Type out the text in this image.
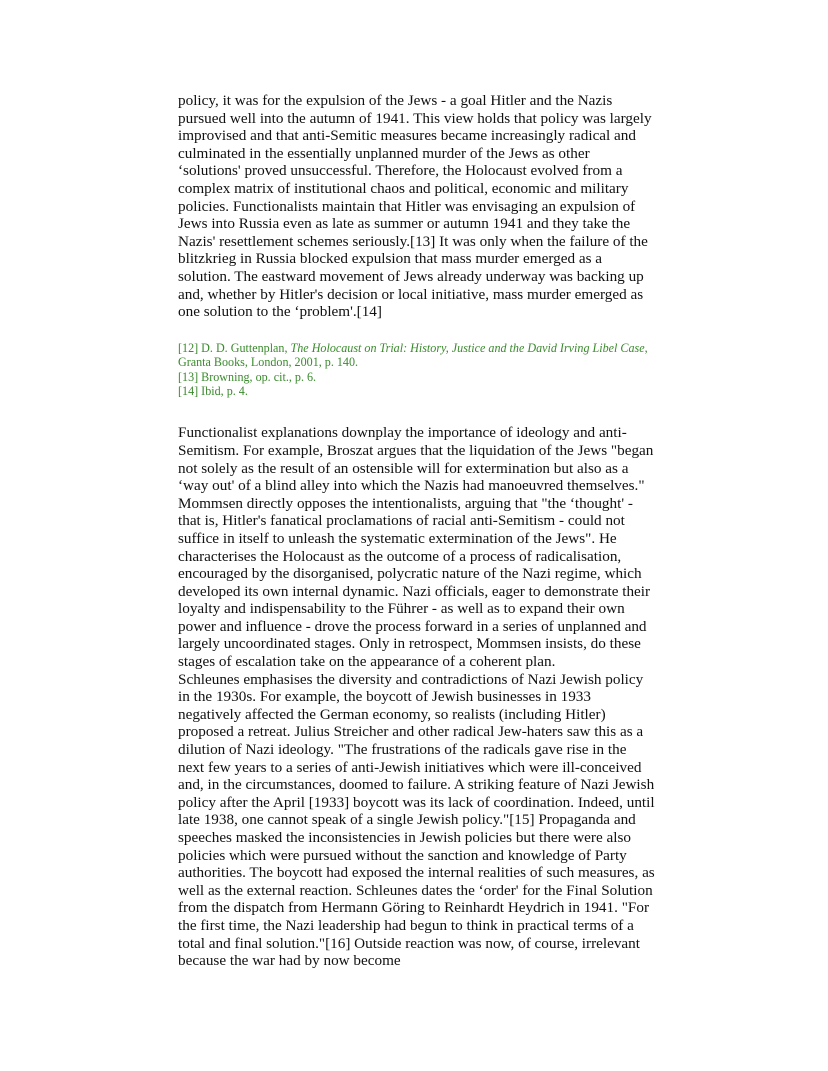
policy, it was for the expulsion of the Jews - a goal Hitler and the Nazis pursued well into the autumn of 1941. This view holds that policy was largely improvised and that anti-Semitic measures became increasingly radical and culminated in the essentially unplanned murder of the Jews as other ‘solutions' proved unsuccessful. Therefore, the Holocaust evolved from a complex matrix of institutional chaos and political, economic and military policies. Functionalists maintain that Hitler was envisaging an expulsion of Jews into Russia even as late as summer or autumn 1941 and they take the Nazis' resettlement schemes seriously.[13] It was only when the failure of the blitzkrieg in Russia blocked expulsion that mass murder emerged as a solution. The eastward movement of Jews already underway was backing up and, whether by Hitler's decision or local initiative, mass murder emerged as one solution to the ‘problem'.[14]

[12] D. D. Guttenplan, The Holocaust on Trial: History, Justice and the David Irving Libel Case, Granta Books, London, 2001, p. 140.

[13] Browning, op. cit., p. 6.

[14] Ibid, p. 4.

Functionalist explanations downplay the importance of ideology and anti-Semitism. For example, Broszat argues that the liquidation of the Jews "began not solely as the result of an ostensible will for extermination but also as a ‘way out' of a blind alley into which the Nazis had manoeuvred themselves." Mommsen directly opposes the intentionalists, arguing that "the ‘thought' - that is, Hitler's fanatical proclamations of racial anti-Semitism - could not suffice in itself to unleash the systematic extermination of the Jews". He characterises the Holocaust as the outcome of a process of radicalisation, encouraged by the disorganised, polycratic nature of the Nazi regime, which developed its own internal dynamic. Nazi officials, eager to demonstrate their loyalty and indispensability to the Führer - as well as to expand their own power and influence - drove the process forward in a series of unplanned and largely uncoordinated stages. Only in retrospect, Mommsen insists, do these stages of escalation take on the appearance of a coherent plan.

Schleunes emphasises the diversity and contradictions of Nazi Jewish policy in the 1930s. For example, the boycott of Jewish businesses in 1933 negatively affected the German economy, so realists (including Hitler) proposed a retreat. Julius Streicher and other radical Jew-haters saw this as a dilution of Nazi ideology. "The frustrations of the radicals gave rise in the next few years to a series of anti-Jewish initiatives which were ill-conceived and, in the circumstances, doomed to failure. A striking feature of Nazi Jewish policy after the April [1933] boycott was its lack of coordination. Indeed, until late 1938, one cannot speak of a single Jewish policy."[15] Propaganda and speeches masked the inconsistencies in Jewish policies but there were also policies which were pursued without the sanction and knowledge of Party authorities. The boycott had exposed the internal realities of such measures, as well as the external reaction. Schleunes dates the ‘order' for the Final Solution from the dispatch from Hermann Göring to Reinhardt Heydrich in 1941. "For the first time, the Nazi leadership had begun to think in practical terms of a total and final solution."[16] Outside reaction was now, of course, irrelevant because the war had by now become
